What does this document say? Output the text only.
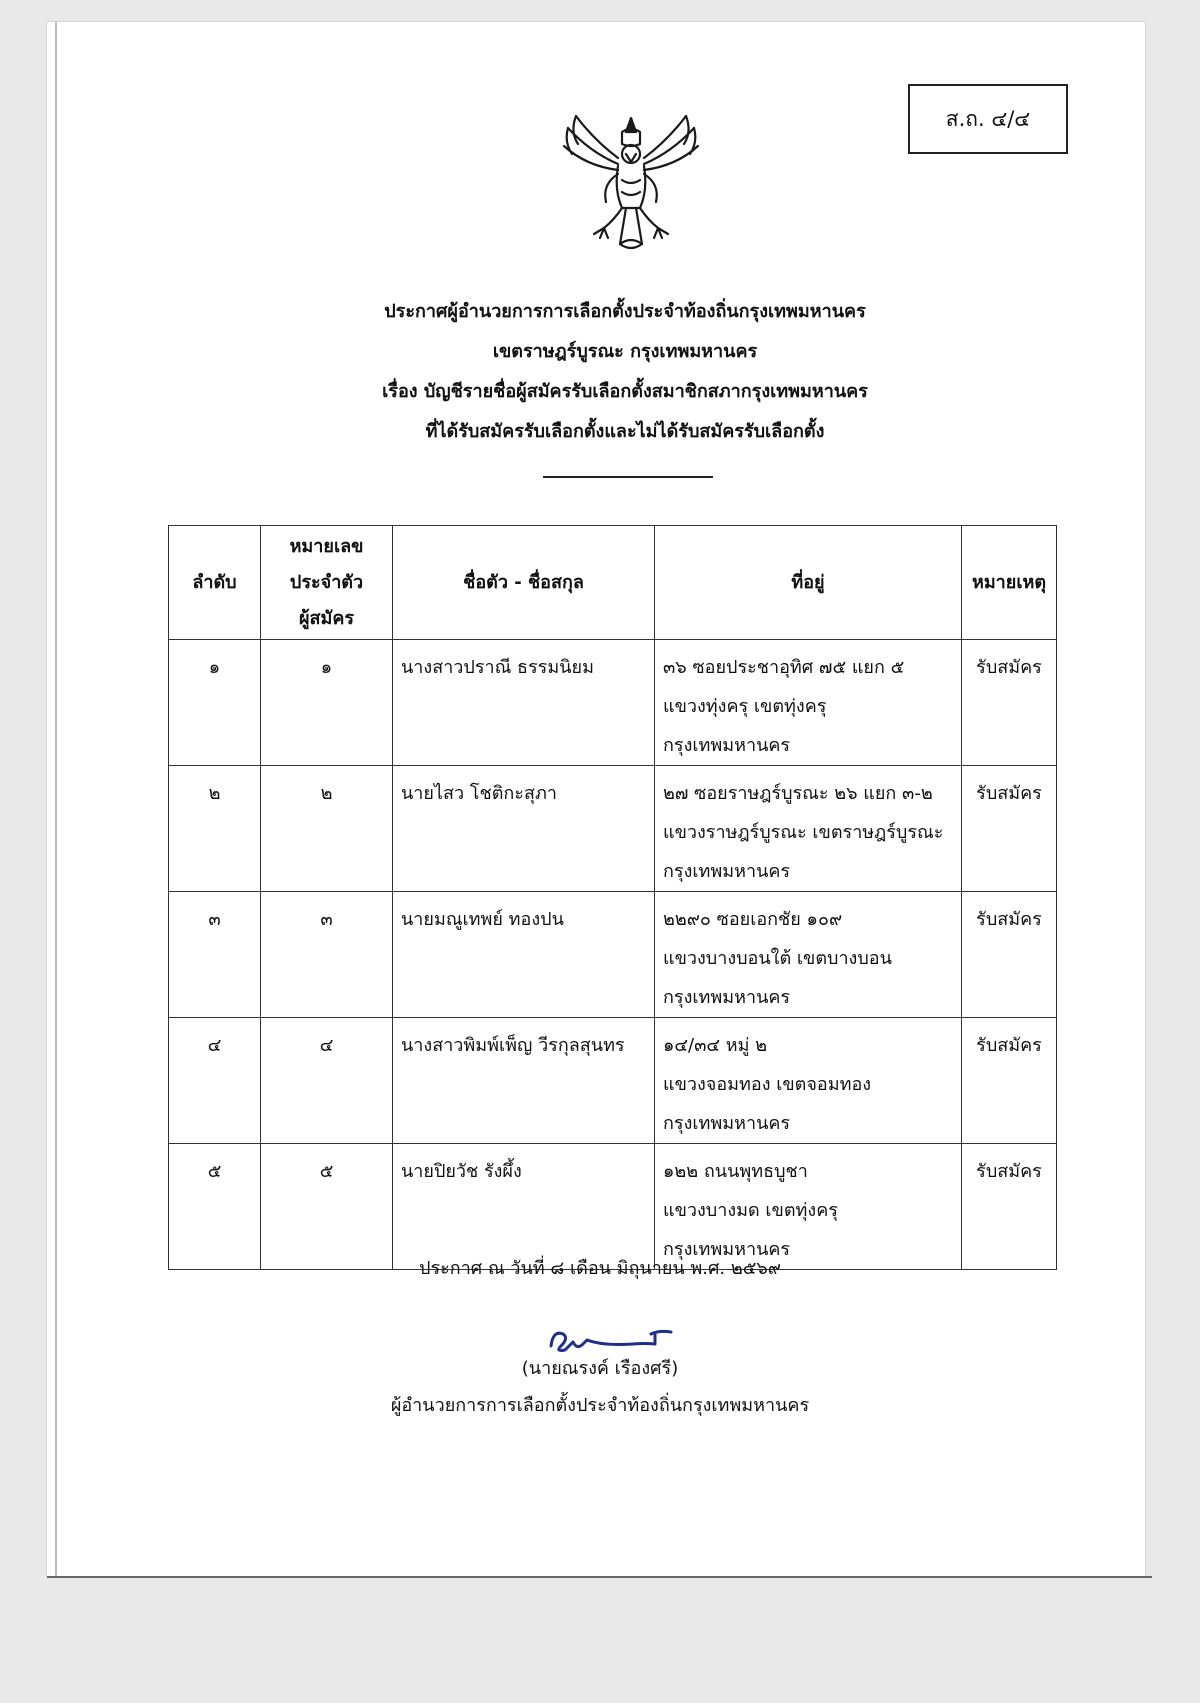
ส.ถ. ๔/๔
ประกาศผู้อำนวยการการเลือกตั้งประจำท้องถิ่นกรุงเทพมหานคร
เขตราษฎร์บูรณะ กรุงเทพมหานคร
เรื่อง บัญชีรายชื่อผู้สมัครรับเลือกตั้งสมาชิกสภากรุงเทพมหานคร
ที่ได้รับสมัครรับเลือกตั้งและไม่ได้รับสมัครรับเลือกตั้ง
ลำดับ	หมายเลข
ประจำตัว
ผู้สมัคร	ชื่อตัว - ชื่อสกุล	ที่อยู่	หมายเหตุ
๑	๑	นางสาวปราณี ธรรมนิยม	๓๖ ซอยประชาอุทิศ ๗๕ แยก ๕
แขวงทุ่งครุ เขตทุ่งครุ
กรุงเทพมหานคร	รับสมัคร
๒	๒	นายไสว โชติกะสุภา	๒๗ ซอยราษฎร์บูรณะ ๒๖ แยก ๓-๒
แขวงราษฎร์บูรณะ เขตราษฎร์บูรณะ
กรุงเทพมหานคร	รับสมัคร
๓	๓	นายมณูเทพย์ ทองปน	๒๒๙๐ ซอยเอกชัย ๑๐๙
แขวงบางบอนใต้ เขตบางบอน
กรุงเทพมหานคร	รับสมัคร
๔	๔	นางสาวพิมพ์เพ็ญ วีรกุลสุนทร	๑๔/๓๔ หมู่ ๒
แขวงจอมทอง เขตจอมทอง
กรุงเทพมหานคร	รับสมัคร
๕	๕	นายปิยวัช รังผึ้ง	๑๒๒ ถนนพุทธบูชา
แขวงบางมด เขตทุ่งครุ
กรุงเทพมหานคร	รับสมัคร
ประกาศ ณ วันที่ ๘ เดือน มิถุนายน พ.ศ. ๒๕๖๙
(นายณรงค์ เรืองศรี)
ผู้อำนวยการการเลือกตั้งประจำท้องถิ่นกรุงเทพมหานคร
